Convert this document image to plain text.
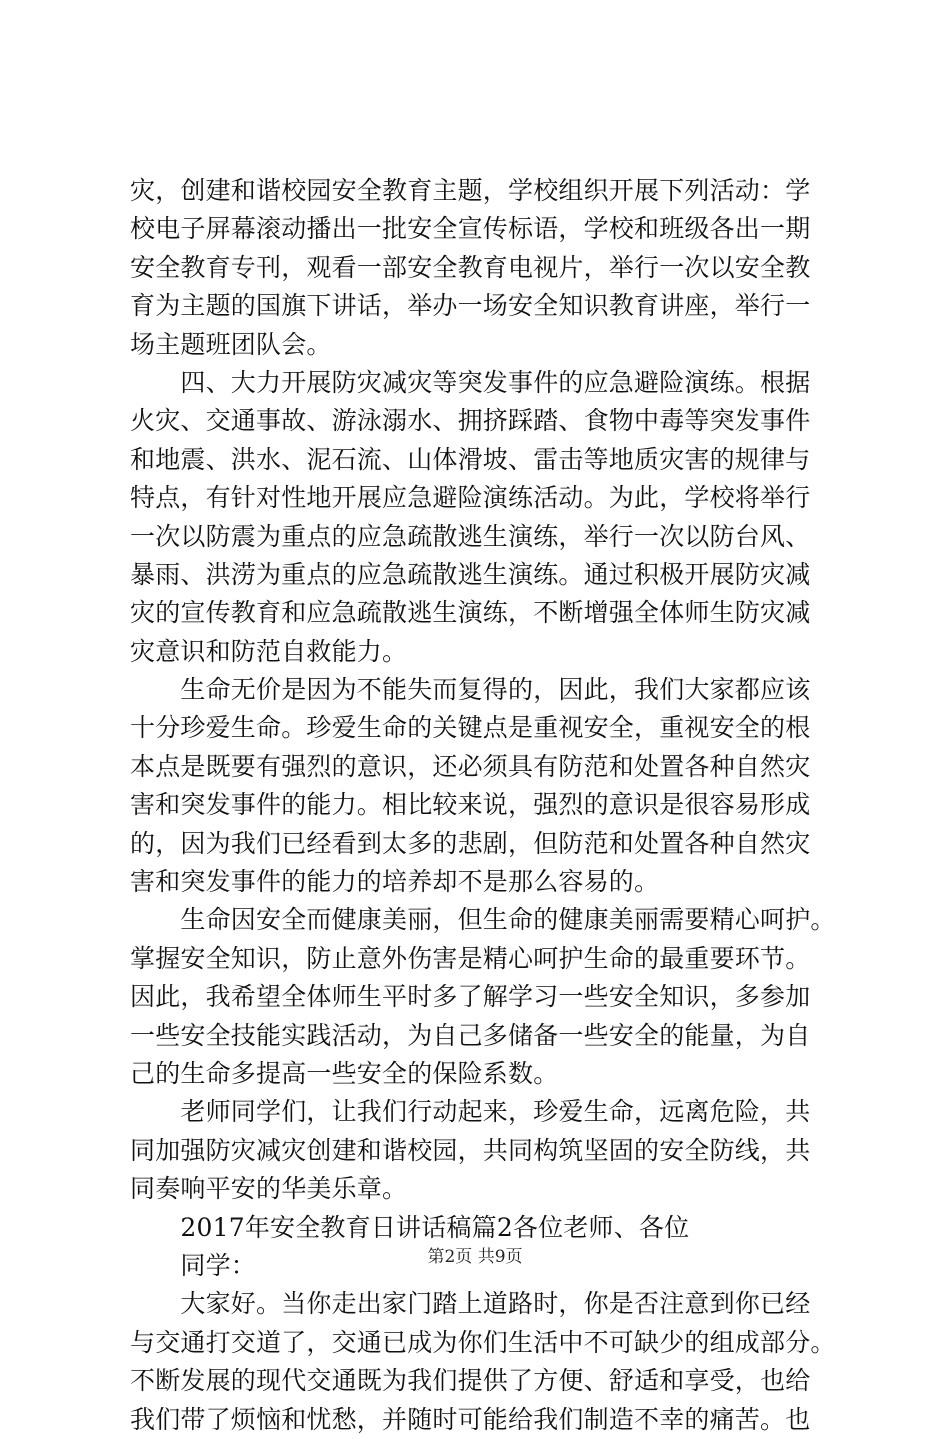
灾，创建和谐校园安全教育主题，学校组织开展下列活动：学
校电子屏幕滚动播出一批安全宣传标语，学校和班级各出一期
安全教育专刊，观看一部安全教育电视片，举行一次以安全教
育为主题的国旗下讲话，举办一场安全知识教育讲座，举行一
场主题班团队会。
　　四、大力开展防灾减灾等突发事件的应急避险演练。根据
火灾、交通事故、游泳溺水、拥挤踩踏、食物中毒等突发事件
和地震、洪水、泥石流、山体滑坡、雷击等地质灾害的规律与
特点，有针对性地开展应急避险演练活动。为此，学校将举行
一次以防震为重点的应急疏散逃生演练，举行一次以防台风、
暴雨、洪涝为重点的应急疏散逃生演练。通过积极开展防灾减
灾的宣传教育和应急疏散逃生演练，不断增强全体师生防灾减
灾意识和防范自救能力。
　　生命无价是因为不能失而复得的，因此，我们大家都应该
十分珍爱生命。珍爱生命的关键点是重视安全，重视安全的根
本点是既要有强烈的意识，还必须具有防范和处置各种自然灾
害和突发事件的能力。相比较来说，强烈的意识是很容易形成
的，因为我们已经看到太多的悲剧，但防范和处置各种自然灾
害和突发事件的能力的培养却不是那么容易的。
　　生命因安全而健康美丽，但生命的健康美丽需要精心呵护。
掌握安全知识，防止意外伤害是精心呵护生命的最重要环节。
因此，我希望全体师生平时多了解学习一些安全知识，多参加
一些安全技能实践活动，为自己多储备一些安全的能量，为自
己的生命多提高一些安全的保险系数。
　　老师同学们，让我们行动起来，珍爱生命，远离危险，共
同加强防灾减灾创建和谐校园，共同构筑坚固的安全防线，共
同奏响平安的华美乐章。
　　2017年安全教育日讲话稿篇2各位老师、各位
　　同学：
　　大家好。当你走出家门踏上道路时，你是否注意到你已经
与交通打交道了，交通已成为你们生活中不可缺少的组成部分。
不断发展的现代交通既为我们提供了方便、舒适和享受，也给
我们带了烦恼和忧愁，并随时可能给我们制造不幸的痛苦。也
第2页 共9页
